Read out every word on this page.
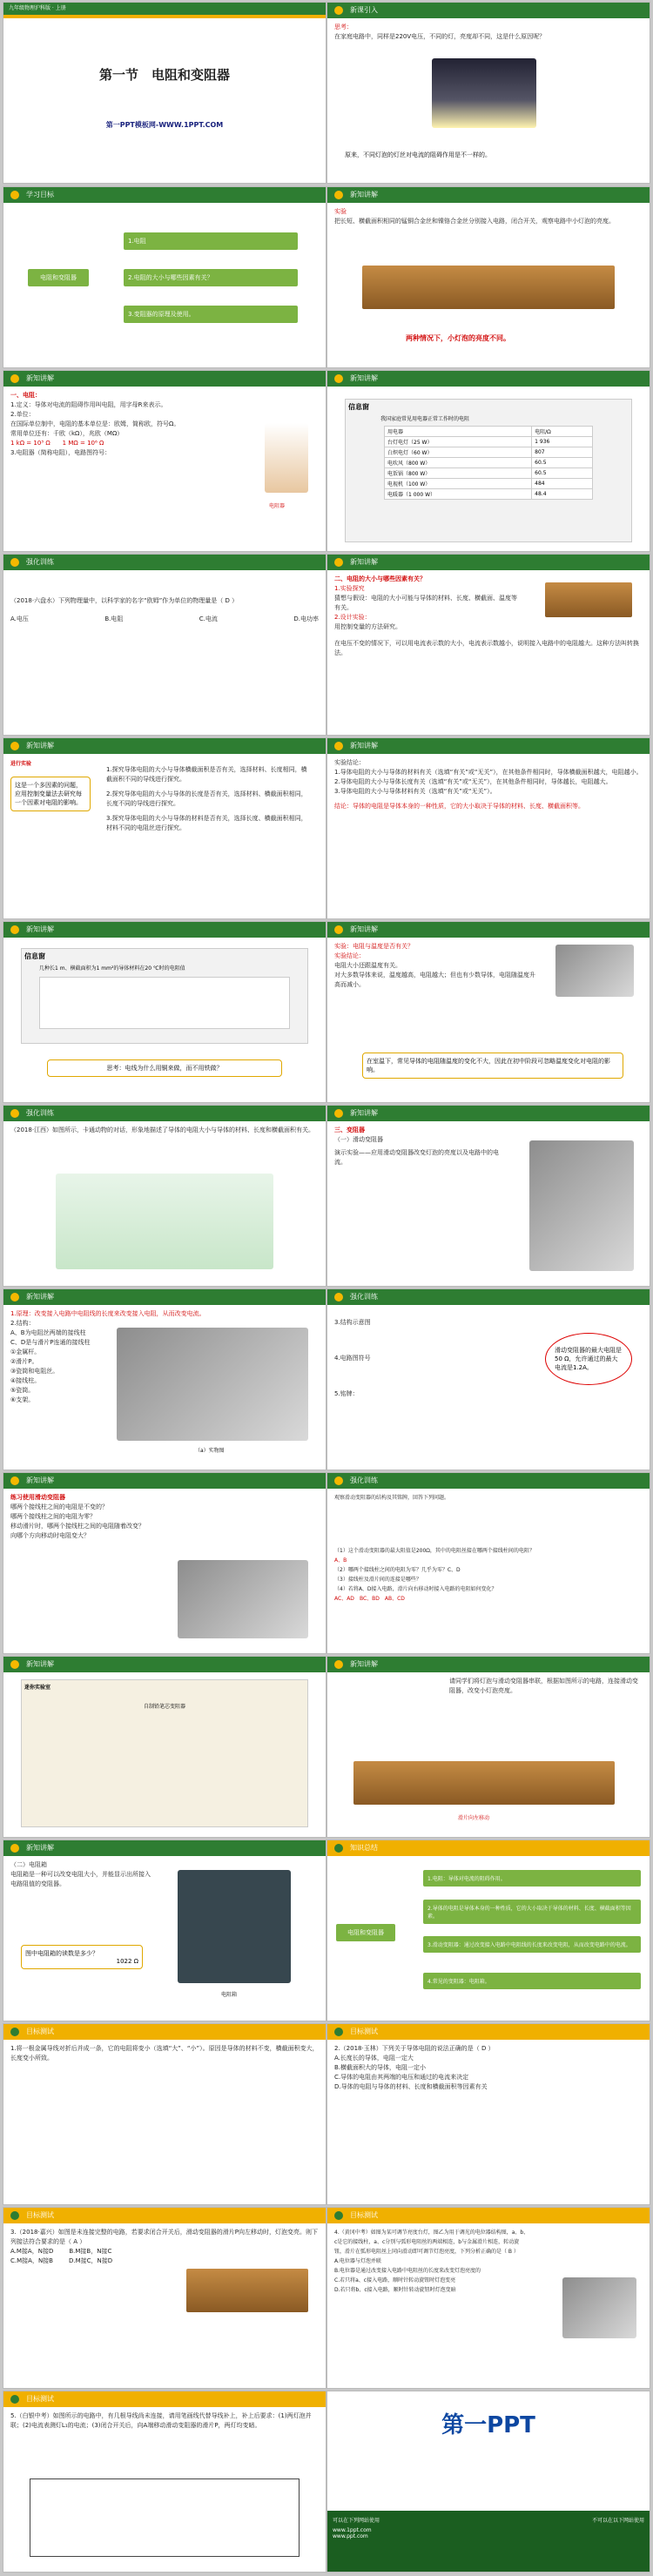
九年级物理沪科版 · 上册
第一节　电阻和变阻器
第一PPT模板网-WWW.1PPT.COM
新课引入
思考：
在家庭电路中，同样是220V电压，不同的灯，亮度却不同，这是什么原因呢？
原来，不同灯泡的灯丝对电流的阻碍作用是不一样的。
学习目标
电阻和变阻器
1.电阻
2.电阻的大小与哪些因素有关？
3.变阻器的原理及使用。
新知讲解
实验
把长短、横截面积相同的锰铜合金丝和镍铬合金丝分别接入电路，闭合开关，观察电路中小灯泡的亮度。
两种情况下，小灯泡的亮度不同。
新知讲解
一、电阻：
1.定义：导体对电流的阻碍作用叫电阻，用字母R来表示。
2.单位：
在国际单位制中，电阻的基本单位是：欧姆，简称欧，符号Ω。
常用单位还有：千欧（kΩ），兆欧（MΩ）
1 kΩ = 10³ Ω　　1 MΩ = 10⁶ Ω
3.电阻器（简称电阻），电路图符号：
电阻器
新知讲解
信息窗
我国家庭常见用电器正常工作时的电阻
用电器	电阻/Ω
台灯电灯（25 W）	1 936
白炽电灯（60 W）	807
电吹风（800 W）	60.5
电饭锅（800 W）	60.5
电视机（100 W）	484
电暖器（1 000 W）	48.4
强化训练
（2018·六盘水）下列物理量中，以科学家的名字“欧姆”作为单位的物理量是（ D ）
A.电压	B.电阻	C.电流	D.电功率
新知讲解
二、电阻的大小与哪些因素有关？
1.实验探究
猜想与假设：电阻的大小可能与导体的材料、长度、横截面、温度等有关。
2.设计实验：
用控制变量的方法研究。
在电压不变的情况下，可以用电流表示数的大小，电流表示数越小，说明接入电路中的电阻越大。这种方法叫转换法。
新知讲解
进行实验
这是一个多因素的问题，应用控制变量法去研究每一个因素对电阻的影响。
1.探究导体电阻的大小与导体横截面积是否有关，选择材料、长度相同，横截面积不同的导线进行探究。
2.探究导体电阻的大小与导体的长度是否有关，选择材料、横截面积相同，长度不同的导线进行探究。
3.探究导体电阻的大小与导体的材料是否有关，选择长度、横截面积相同，材料不同的电阻丝进行探究。
新知讲解
实验结论：
1.导体电阻的大小与导体的材料有关（选填“有关”或“无关”），在其他条件相同时，导体横截面积越大，电阻越小。
2.导体电阻的大小与导体长度有关（选填“有关”或“无关”），在其他条件相同时，导体越长，电阻越大。
3.导体电阻的大小与导体材料有关（选填“有关”或“无关”）。
结论：导体的电阻是导体本身的一种性质，它的大小取决于导体的材料、长度、横截面积等。
新知讲解
信息窗
几种长1 m、横截面积为1 mm²的导体材料在20 ℃时的电阻值
思考：电线为什么用铜来做，而不用铁做？
新知讲解
实验：电阻与温度是否有关？
实验结论：
电阻大小还跟温度有关。
对大多数导体来说，温度越高，电阻越大；但也有少数导体，电阻随温度升高而减小。
在室温下，常见导体的电阻随温度的变化不大，因此在初中阶段可忽略温度变化对电阻的影响。
强化训练
（2018·江西）如图所示，卡通动物的对话，形象地描述了导体的电阻大小与导体的材料、长度和横截面积有关。
新知讲解
三、变阻器
（一）滑动变阻器
演示实验——应用滑动变阻器改变灯泡的亮度以及电路中的电流。
新知讲解
1.原理：改变接入电路中电阻线的长度来改变接入电阻，从而改变电流。
2.结构：
A、B为电阻丝两端的接线柱
C、D是与滑片P连通的接线柱
①金属杆。
②滑片P。
③瓷筒和电阻丝。
④接线柱。
⑤瓷筒。
⑥支架。
（a）实物图
强化训练
3.结构示意图
4.电路图符号
5.铭牌：
滑动变阻器的最大电阻是50 Ω，允许通过的最大电流是1.2A。
新知讲解
练习使用滑动变阻器
哪两个接线柱之间的电阻是不变的？
哪两个接线柱之间的电阻为零？
移动滑片时，哪两个接线柱之间的电阻随着改变？
向哪个方向移动时电阻变大？
强化训练
观察滑动变阻器的结构及其铭牌，回答下列问题。
（1）这个滑动变阻器的最大阻值是200Ω，其中的电阻丝接在哪两个接线柱间的电阻？
A、B
（2）哪两个接线柱之间的电阻为零？几乎为零？C、D
（3）接线柱及滑片间的连接是哪些？
（4）若将A、D接入电路，滑片向右移动时接入电路的电阻如何变化？
AC、AD　 BC、BD　 AB、CD
新知讲解
迷你实验室
自制铅笔芯变阻器
新知讲解
请同学们将灯泡与滑动变阻器串联，根据如图所示的电路，连接滑动变阻器，改变小灯泡亮度。
滑片向左移动
新知讲解
（二）电阻箱
电阻箱是一种可以改变电阻大小，并能显示出所接入电路阻值的变阻器。
图中电阻箱的读数是多少？
1022 Ω
电阻箱
知识总结
电阻和变阻器
1.电阻：导体对电流的阻碍作用。
2.导体的电阻是导体本身的一种性质，它的大小取决于导体的材料、长度、横截面积等因素。
3.滑动变阻器：通过改变接入电路中电阻线的长度来改变电阻，从而改变电路中的电流。
4.常见的变阻器：电阻箱。
目标测试
1.将一根金属导线对折后并成一条，它的电阻将变小（选填“大”、“小”）。原因是导体的材料不变，横截面积变大，长度变小所致。
目标测试
2.（2018·玉林）下列关于导体电阻的说法正确的是（ D ）
A.长度长的导体，电阻一定大
B.横截面积大的导体，电阻一定小
C.导体的电阻由其两端的电压和通过的电流来决定
D.导体的电阻与导体的材料、长度和横截面积等因素有关
目标测试
3.（2018·嘉兴）如图是未连接完整的电路，若要求闭合开关后，滑动变阻器的滑片P向左移动时，灯泡变亮。则下列接法符合要求的是（ A ）
A.M接A，N接D	B.M接B，N接C
C.M接A，N接B	D.M接C，N接D
目标测试
4.（黄冈中考）如图为某可调节亮度台灯，图乙为用于调光的电位器结构图，a、b、c是它的接线柱，a、c分别与弧形电阻丝的两端相连，b与金属滑片相连，转动旋钮，滑片在弧形电阻丝上同向滑动即可调节灯泡亮度，下列分析正确的是（ B ）
A.电位器与灯泡并联
B.电位器是通过改变接入电路中电阻丝的长度来改变灯泡亮度的
C.若只将a、c接入电路，顺时针转动旋钮时灯泡变亮
D.若只将b、c接入电路，顺时针转动旋钮时灯泡变暗
目标测试
5.（白银中考）如图所示的电路中，有几根导线尚未连接，请用笔画线代替导线补上，补上后要求：(1)两灯泡并联；(2)电流表测灯L₁的电流；(3)闭合开关后，向A端移动滑动变阻器的滑片P，两灯均变暗。	第一PPT
可以在下列网站使用	不可以在以下网站使用
www.1ppt.com
www.ppt.com
